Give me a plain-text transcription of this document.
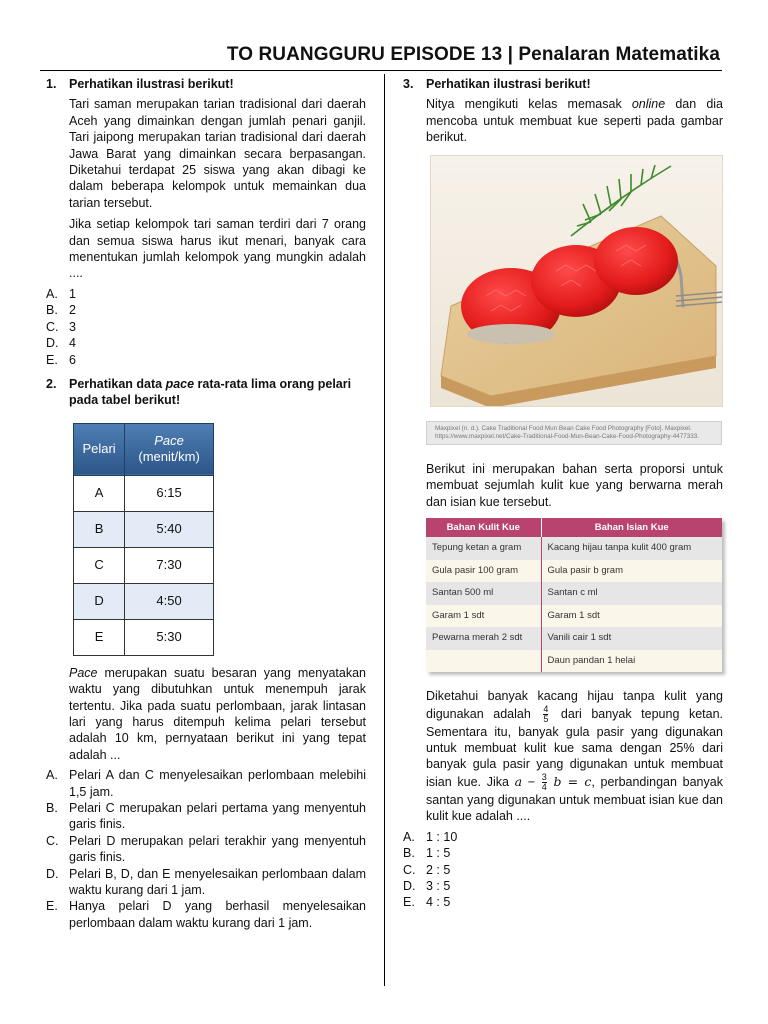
TO RUANGGURU EPISODE 13 | Penalaran Matematika
1.	Perhatikan ilustrasi berikut!

Tari saman merupakan tarian tradisional dari daerah Aceh yang dimainkan dengan jumlah penari ganjil. Tari jaipong merupakan tarian tradisional dari daerah Jawa Barat yang dimainkan secara berpasangan. Diketahui terdapat 25 siswa yang akan dibagi ke dalam beberapa kelompok untuk memainkan dua tarian tersebut.

Jika setiap kelompok tari saman terdiri dari 7 orang dan semua siswa harus ikut menari, banyak cara menentukan jumlah kelompok yang mungkin adalah ....

A. 1
B. 2
C. 3
D. 4
E. 6
2.	Perhatikan data pace rata-rata lima orang pelari pada tabel berikut!
Pelari	Pace
(menit/km)
A	6:15
B	5:40
C	7:30
D	4:50
E	5:30

Pace merupakan suatu besaran yang menyatakan waktu yang dibutuhkan untuk menempuh jarak tertentu. Jika pada suatu perlombaan, jarak lintasan lari yang harus ditempuh kelima pelari tersebut adalah 10 km, pernyataan berikut ini yang tepat adalah ...

A. Pelari A dan C menyelesaikan perlombaan melebihi 1,5 jam.
B. Pelari C merupakan pelari pertama yang menyentuh garis finis.
C. Pelari D merupakan pelari terakhir yang menyentuh garis finis.
D. Pelari B, D, dan E menyelesaikan perlombaan dalam waktu kurang dari 1 jam.
E. Hanya pelari D yang berhasil menyelesaikan perlombaan dalam waktu kurang dari 1 jam.
3.	Perhatikan ilustrasi berikut!

Nitya mengikuti kelas memasak online dan dia mencoba untuk membuat kue seperti pada gambar berikut.

Maxpixel (n. d.). Cake Traditional Food Mun Bean Cake Food Photography [Foto]. Maxpixel. https://www.maxpixel.net/Cake-Traditional-Food-Mun-Bean-Cake-Food-Photography-4477333.

Berikut ini merupakan bahan serta proporsi untuk membuat sejumlah kulit kue yang berwarna merah dan isian kue tersebut.

Bahan Kulit Kue	Bahan Isian Kue
Tepung ketan a gram	Kacang hijau tanpa kulit 400 gram
Gula pasir 100 gram	Gula pasir b gram
Santan 500 ml	Santan c ml
Garam 1 sdt	Garam 1 sdt
Pewarna merah 2 sdt	Vanili cair 1 sdt
	Daun pandan 1 helai

Diketahui banyak kacang hijau tanpa kulit yang digunakan adalah $\frac{4}{5}$ dari banyak tepung ketan. Sementara itu, banyak gula pasir yang digunakan untuk membuat kulit kue sama dengan 25% dari banyak gula pasir yang digunakan untuk membuat isian kue. Jika $a - \frac{3}{4}$ b = c, perbandingan banyak santan yang digunakan untuk membuat isian kue dan kulit kue adalah ....

A. 1 : 10
B. 1 : 5
C. 2 : 5
D. 3 : 5
E. 4 : 5
